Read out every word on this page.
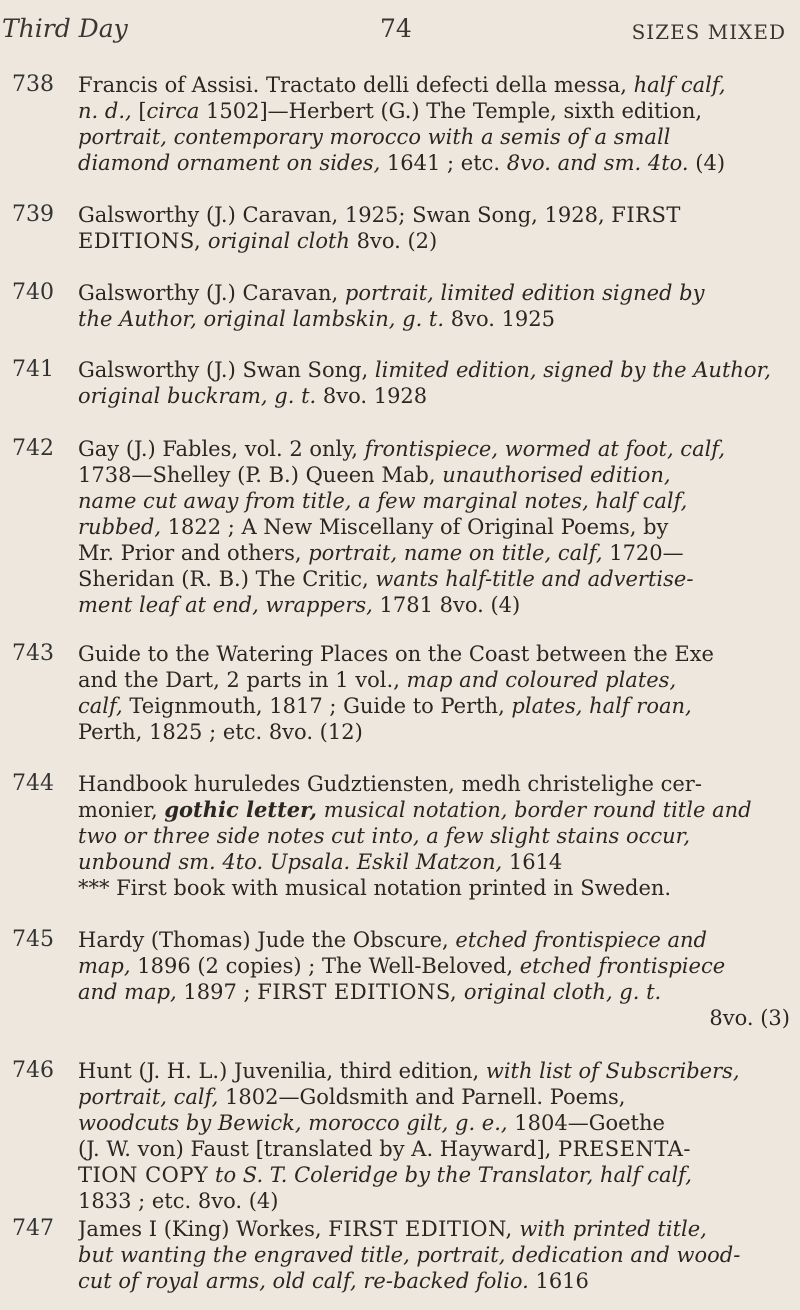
Third Day	74	SIZES MIXED
738	Francis of Assisi. Tractato delli defecti della messa, half calf,
n. d., [circa 1502]—Herbert (G.) The Temple, sixth edition,
portrait, contemporary morocco with a semis of a small
diamond ornament on sides, 1641 ; etc. 8vo. and sm. 4to. (4)
739	Galsworthy (J.) Caravan, 1925; Swan Song, 1928, FIRST
EDITIONS, original cloth 8vo. (2)
740	Galsworthy (J.) Caravan, portrait, limited edition signed by
the Author, original lambskin, g. t. 8vo. 1925
741	Galsworthy (J.) Swan Song, limited edition, signed by the Author,
original buckram, g. t. 8vo. 1928
742	Gay (J.) Fables, vol. 2 only, frontispiece, wormed at foot, calf,
1738—Shelley (P. B.) Queen Mab, unauthorised edition,
name cut away from title, a few marginal notes, half calf,
rubbed, 1822 ; A New Miscellany of Original Poems, by
Mr. Prior and others, portrait, name on title, calf, 1720—
Sheridan (R. B.) The Critic, wants half-title and advertise-
ment leaf at end, wrappers, 1781 8vo. (4)
743	Guide to the Watering Places on the Coast between the Exe
and the Dart, 2 parts in 1 vol., map and coloured plates,
calf, Teignmouth, 1817 ; Guide to Perth, plates, half roan,
Perth, 1825 ; etc. 8vo. (12)
744	Handbook huruledes Gudztiensten, medh christelighe cer-
monier, gothic letter, musical notation, border round title and
two or three side notes cut into, a few slight stains occur,
unbound sm. 4to. Upsala. Eskil Matzon, 1614
*** First book with musical notation printed in Sweden.
745	Hardy (Thomas) Jude the Obscure, etched frontispiece and
map, 1896 (2 copies) ; The Well-Beloved, etched frontispiece
and map, 1897 ; FIRST EDITIONS, original cloth, g. t.
8vo. (3)
746	Hunt (J. H. L.) Juvenilia, third edition, with list of Subscribers,
portrait, calf, 1802—Goldsmith and Parnell. Poems,
woodcuts by Bewick, morocco gilt, g. e., 1804—Goethe
(J. W. von) Faust [translated by A. Hayward], PRESENTA-
TION COPY to S. T. Coleridge by the Translator, half calf,
1833 ; etc. 8vo. (4)
747	James I (King) Workes, FIRST EDITION, with printed title,
but wanting the engraved title, portrait, dedication and wood-
cut of royal arms, old calf, re-backed folio. 1616
